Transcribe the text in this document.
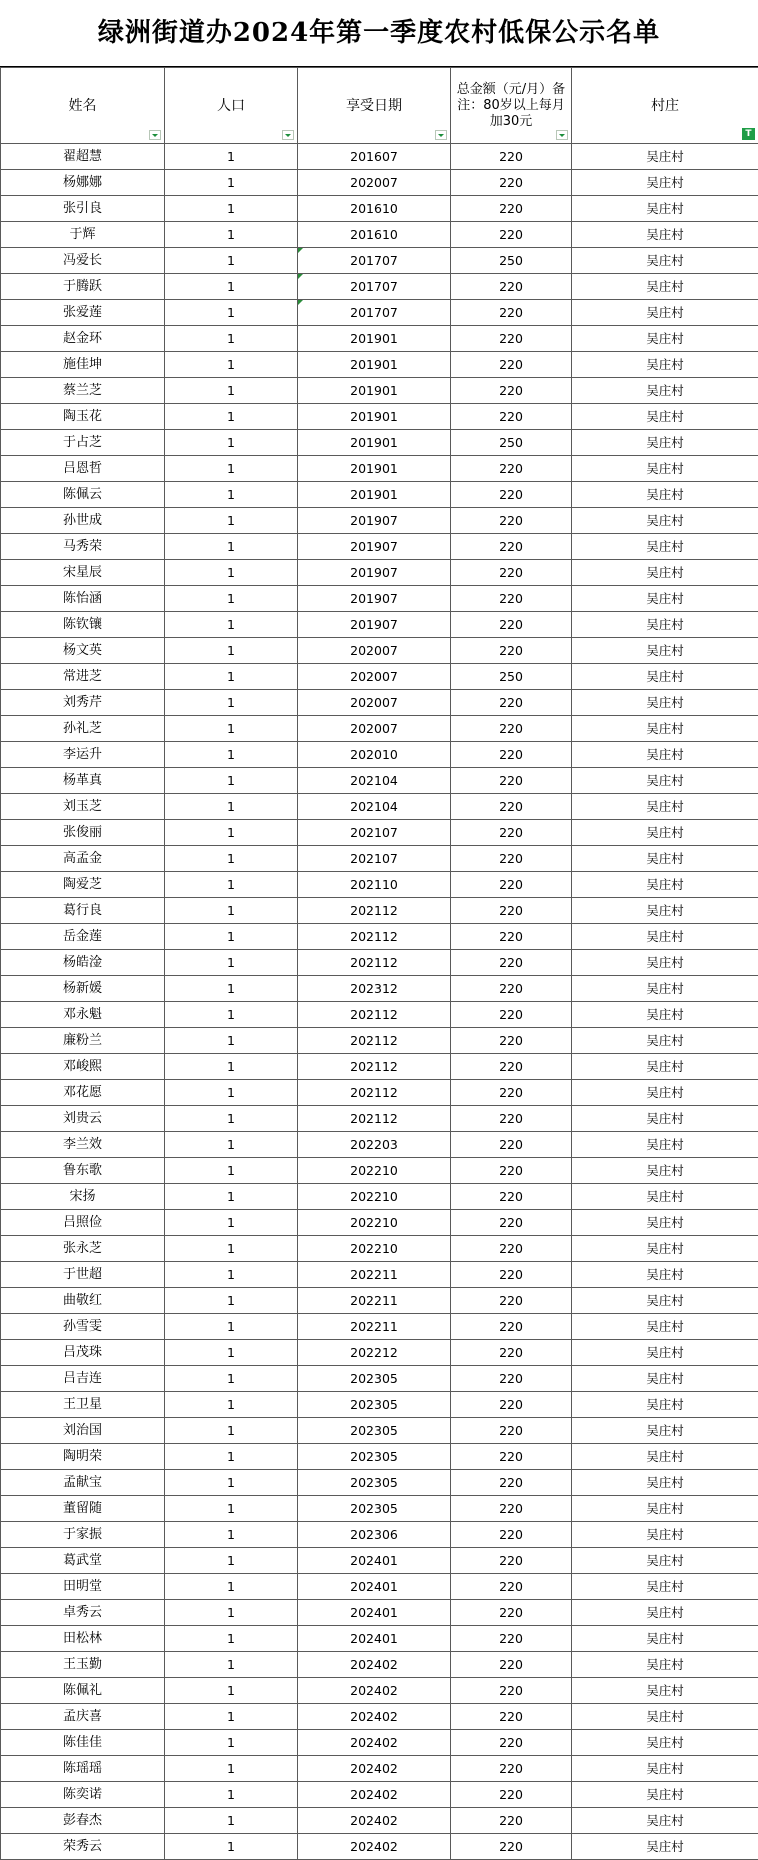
绿洲街道办2024年第一季度农村低保公示名单
姓名	人口	享受日期	总金额（元/月）备注：80岁以上每月加30元	村庄
T

翟超慧	1	201607	220	吴庄村
杨娜娜	1	202007	220	吴庄村
张引良	1	201610	220	吴庄村
于辉	1	201610	220	吴庄村
冯爱长	1	201707	250	吴庄村
于腾跃	1	201707	220	吴庄村
张爱莲	1	201707	220	吴庄村
赵金环	1	201901	220	吴庄村
施佳坤	1	201901	220	吴庄村
蔡兰芝	1	201901	220	吴庄村
陶玉花	1	201901	220	吴庄村
于占芝	1	201901	250	吴庄村
吕恩哲	1	201901	220	吴庄村
陈佩云	1	201901	220	吴庄村
孙世成	1	201907	220	吴庄村
马秀荣	1	201907	220	吴庄村
宋星辰	1	201907	220	吴庄村
陈怡涵	1	201907	220	吴庄村
陈钦镶	1	201907	220	吴庄村
杨文英	1	202007	220	吴庄村
常进芝	1	202007	250	吴庄村
刘秀芹	1	202007	220	吴庄村
孙礼芝	1	202007	220	吴庄村
李运升	1	202010	220	吴庄村
杨革真	1	202104	220	吴庄村
刘玉芝	1	202104	220	吴庄村
张俊丽	1	202107	220	吴庄村
高孟金	1	202107	220	吴庄村
陶爱芝	1	202110	220	吴庄村
葛行良	1	202112	220	吴庄村
岳金莲	1	202112	220	吴庄村
杨皓淦	1	202112	220	吴庄村
杨新媛	1	202312	220	吴庄村
邓永魁	1	202112	220	吴庄村
廉粉兰	1	202112	220	吴庄村
邓峻熙	1	202112	220	吴庄村
邓花愿	1	202112	220	吴庄村
刘贵云	1	202112	220	吴庄村
李兰效	1	202203	220	吴庄村
鲁东歌	1	202210	220	吴庄村
宋扬	1	202210	220	吴庄村
吕照俭	1	202210	220	吴庄村
张永芝	1	202210	220	吴庄村
于世超	1	202211	220	吴庄村
曲敬红	1	202211	220	吴庄村
孙雪雯	1	202211	220	吴庄村
吕茂珠	1	202212	220	吴庄村
吕吉连	1	202305	220	吴庄村
王卫星	1	202305	220	吴庄村
刘治国	1	202305	220	吴庄村
陶明荣	1	202305	220	吴庄村
孟献宝	1	202305	220	吴庄村
董留随	1	202305	220	吴庄村
于家振	1	202306	220	吴庄村
葛武堂	1	202401	220	吴庄村
田明堂	1	202401	220	吴庄村
卓秀云	1	202401	220	吴庄村
田松林	1	202401	220	吴庄村
王玉勤	1	202402	220	吴庄村
陈佩礼	1	202402	220	吴庄村
孟庆喜	1	202402	220	吴庄村
陈佳佳	1	202402	220	吴庄村
陈瑶瑶	1	202402	220	吴庄村
陈奕诺	1	202402	220	吴庄村
彭春杰	1	202402	220	吴庄村
荣秀云	1	202402	220	吴庄村
